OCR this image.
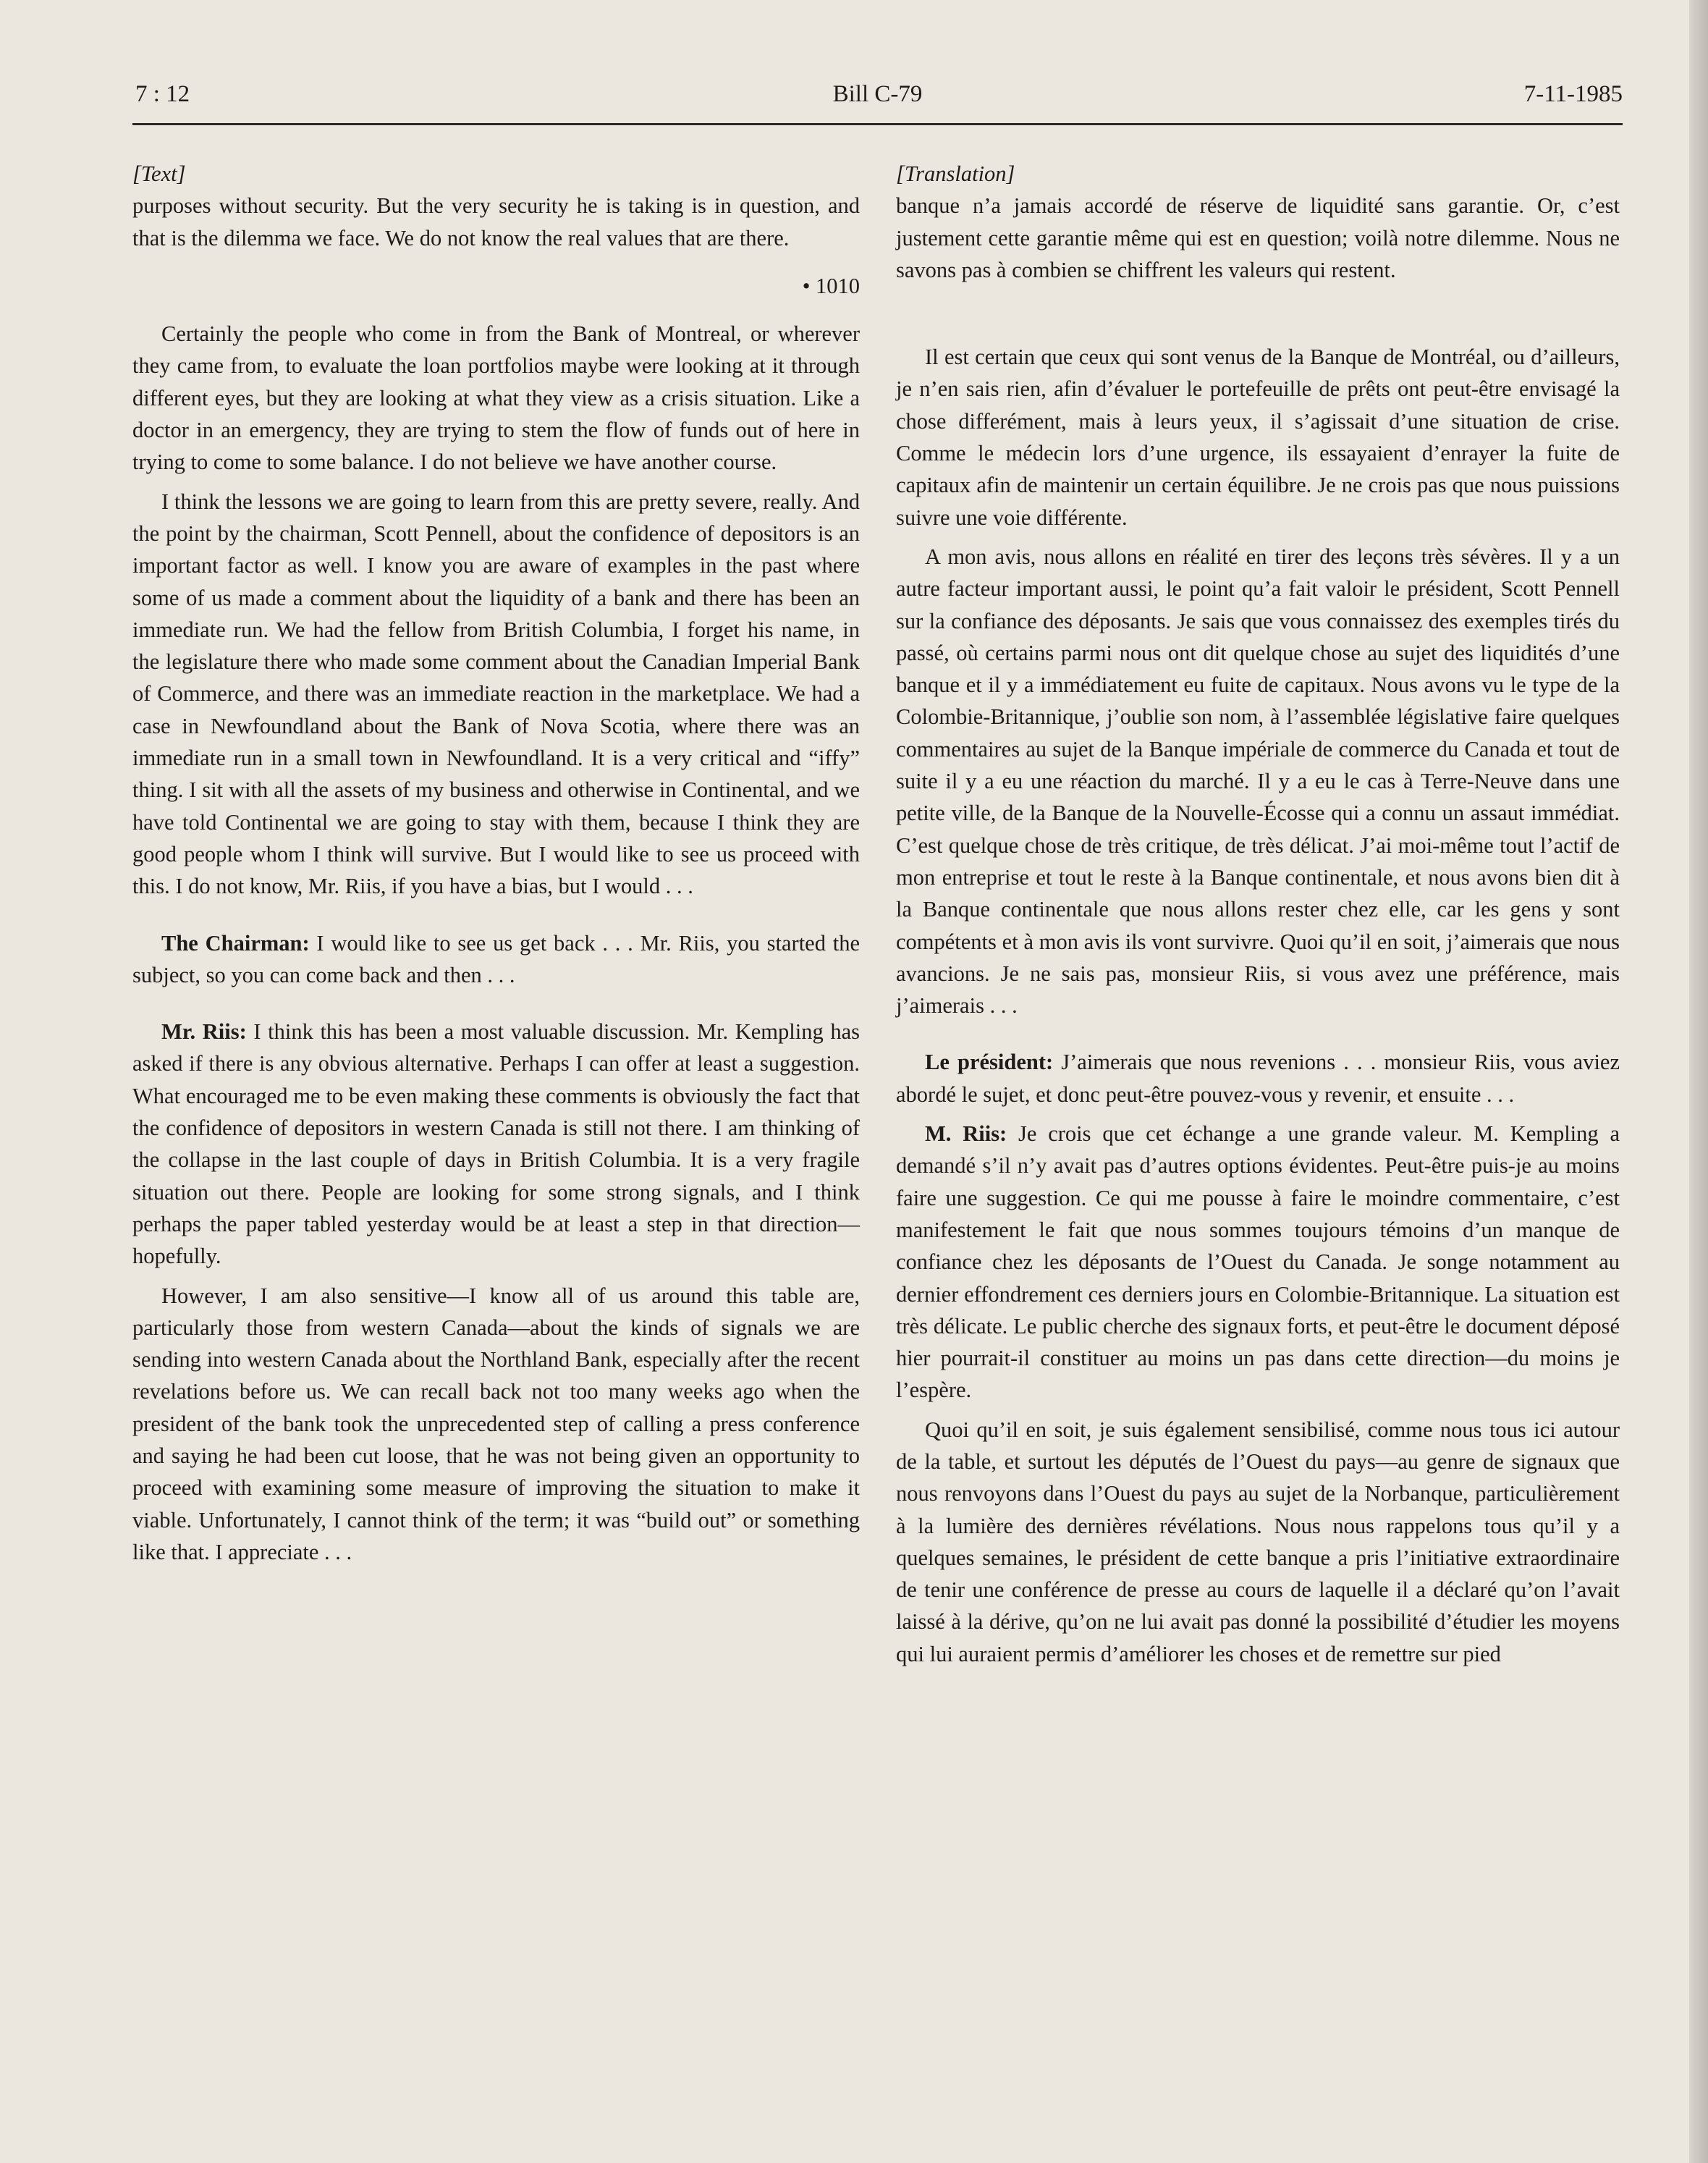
7 : 12	Bill C-79	7-11-1985

[Text]

purposes without security. But the very security he is taking is in question, and that is the dilemma we face. We do not know the real values that are there.

• 1010

Certainly the people who come in from the Bank of Montreal, or wherever they came from, to evaluate the loan portfolios maybe were looking at it through different eyes, but they are looking at what they view as a crisis situation. Like a doctor in an emergency, they are trying to stem the flow of funds out of here in trying to come to some balance. I do not believe we have another course.

I think the lessons we are going to learn from this are pretty severe, really. And the point by the chairman, Scott Pennell, about the confidence of depositors is an important factor as well. I know you are aware of examples in the past where some of us made a comment about the liquidity of a bank and there has been an immediate run. We had the fellow from British Columbia, I forget his name, in the legislature there who made some comment about the Canadian Imperial Bank of Commerce, and there was an immediate reaction in the marketplace. We had a case in Newfoundland about the Bank of Nova Scotia, where there was an immediate run in a small town in Newfoundland. It is a very critical and “iffy” thing. I sit with all the assets of my business and otherwise in Continental, and we have told Continental we are going to stay with them, because I think they are good people whom I think will survive. But I would like to see us proceed with this. I do not know, Mr. Riis, if you have a bias, but I would . . .

The Chairman: I would like to see us get back . . . Mr. Riis, you started the subject, so you can come back and then . . .

Mr. Riis: I think this has been a most valuable discussion. Mr. Kempling has asked if there is any obvious alternative. Perhaps I can offer at least a suggestion. What encouraged me to be even making these comments is obviously the fact that the confidence of depositors in western Canada is still not there. I am thinking of the collapse in the last couple of days in British Columbia. It is a very fragile situation out there. People are looking for some strong signals, and I think perhaps the paper tabled yesterday would be at least a step in that direction—hopefully.

However, I am also sensitive—I know all of us around this table are, particularly those from western Canada—about the kinds of signals we are sending into western Canada about the Northland Bank, especially after the recent revelations before us. We can recall back not too many weeks ago when the president of the bank took the unprecedented step of calling a press conference and saying he had been cut loose, that he was not being given an opportunity to proceed with examining some measure of improving the situation to make it viable. Unfortunately, I cannot think of the term; it was “build out” or something like that. I appreciate . . .

[Translation]

banque n’a jamais accordé de réserve de liquidité sans garantie. Or, c’est justement cette garantie même qui est en question; voilà notre dilemme. Nous ne savons pas à combien se chiffrent les valeurs qui restent.

Il est certain que ceux qui sont venus de la Banque de Montréal, ou d’ailleurs, je n’en sais rien, afin d’évaluer le portefeuille de prêts ont peut-être envisagé la chose differément, mais à leurs yeux, il s’agissait d’une situation de crise. Comme le médecin lors d’une urgence, ils essayaient d’enrayer la fuite de capitaux afin de maintenir un certain équilibre. Je ne crois pas que nous puissions suivre une voie différente.

A mon avis, nous allons en réalité en tirer des leçons très sévères. Il y a un autre facteur important aussi, le point qu’a fait valoir le président, Scott Pennell sur la confiance des déposants. Je sais que vous connaissez des exemples tirés du passé, où certains parmi nous ont dit quelque chose au sujet des liquidités d’une banque et il y a immédiatement eu fuite de capitaux. Nous avons vu le type de la Colombie-Britannique, j’oublie son nom, à l’assemblée législative faire quelques commentaires au sujet de la Banque impériale de commerce du Canada et tout de suite il y a eu une réaction du marché. Il y a eu le cas à Terre-Neuve dans une petite ville, de la Banque de la Nouvelle-Écosse qui a connu un assaut immédiat. C’est quelque chose de très critique, de très délicat. J’ai moi-même tout l’actif de mon entreprise et tout le reste à la Banque continentale, et nous avons bien dit à la Banque continentale que nous allons rester chez elle, car les gens y sont compétents et à mon avis ils vont survivre. Quoi qu’il en soit, j’aimerais que nous avancions. Je ne sais pas, monsieur Riis, si vous avez une préférence, mais j’aimerais . . .

Le président: J’aimerais que nous revenions . . . monsieur Riis, vous aviez abordé le sujet, et donc peut-être pouvez-vous y revenir, et ensuite . . .

M. Riis: Je crois que cet échange a une grande valeur. M. Kempling a demandé s’il n’y avait pas d’autres options évidentes. Peut-être puis-je au moins faire une suggestion. Ce qui me pousse à faire le moindre commentaire, c’est manifestement le fait que nous sommes toujours témoins d’un manque de confiance chez les déposants de l’Ouest du Canada. Je songe notamment au dernier effondrement ces derniers jours en Colombie-Britannique. La situation est très délicate. Le public cherche des signaux forts, et peut-être le document déposé hier pourrait-il constituer au moins un pas dans cette direction—du moins je l’espère.

Quoi qu’il en soit, je suis également sensibilisé, comme nous tous ici autour de la table, et surtout les députés de l’Ouest du pays—au genre de signaux que nous renvoyons dans l’Ouest du pays au sujet de la Norbanque, particulièrement à la lumière des dernières révélations. Nous nous rappelons tous qu’il y a quelques semaines, le président de cette banque a pris l’initiative extraordinaire de tenir une conférence de presse au cours de laquelle il a déclaré qu’on l’avait laissé à la dérive, qu’on ne lui avait pas donné la possibilité d’étudier les moyens qui lui auraient permis d’améliorer les choses et de remettre sur pied
